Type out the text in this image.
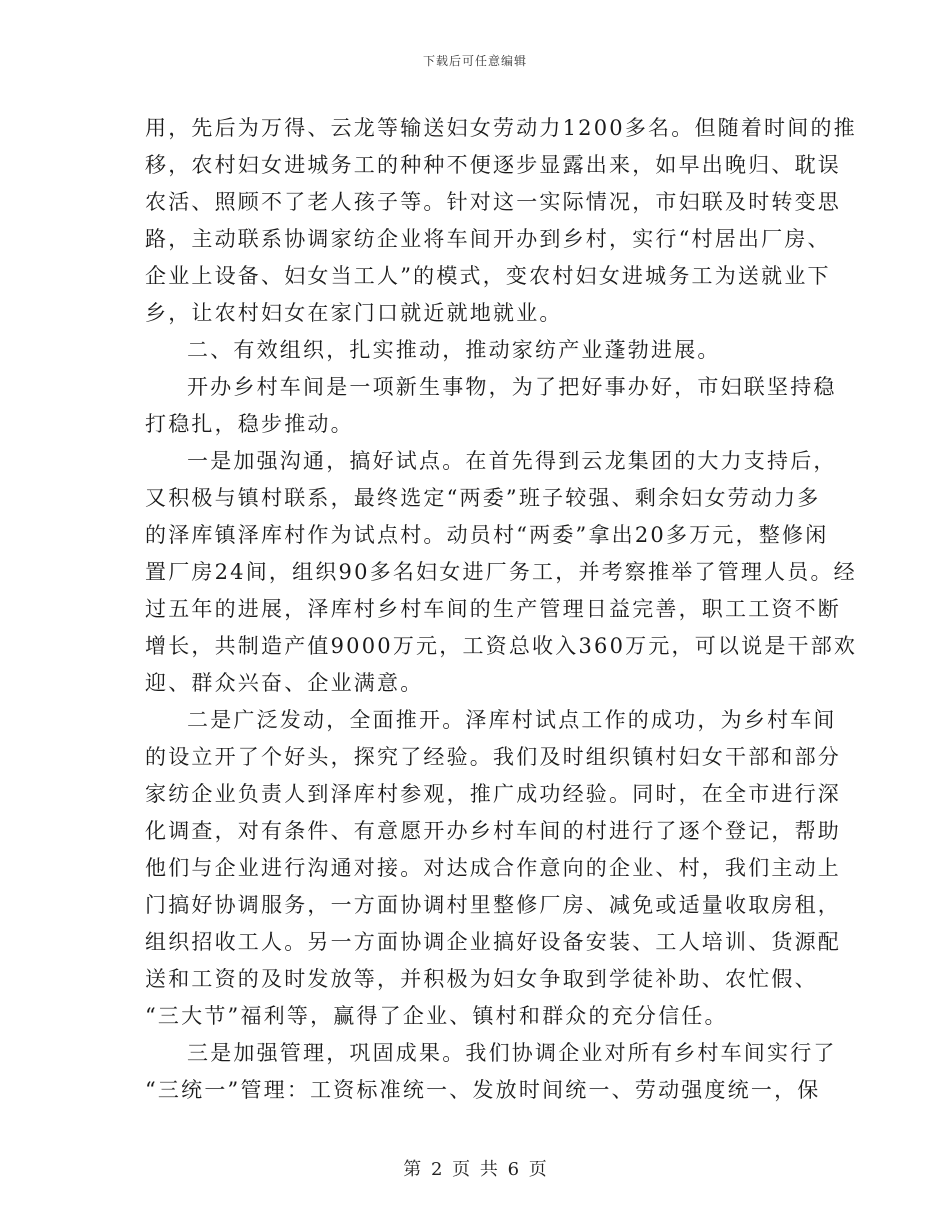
下载后可任意编辑
用，先后为万得、云龙等输送妇女劳动力1200多名。但随着时间的推
移，农村妇女进城务工的种种不便逐步显露出来，如早出晚归、耽误
农活、照顾不了老人孩子等。针对这一实际情况，市妇联及时转变思
路，主动联系协调家纺企业将车间开办到乡村，实行“村居出厂房、
企业上设备、妇女当工人”的模式，变农村妇女进城务工为送就业下
乡，让农村妇女在家门口就近就地就业。
二、有效组织，扎实推动，推动家纺产业蓬勃进展。
开办乡村车间是一项新生事物，为了把好事办好，市妇联坚持稳
打稳扎，稳步推动。
一是加强沟通，搞好试点。在首先得到云龙集团的大力支持后，
又积极与镇村联系，最终选定“两委”班子较强、剩余妇女劳动力多
的泽库镇泽库村作为试点村。动员村“两委”拿出20多万元，整修闲
置厂房24间，组织90多名妇女进厂务工，并考察推举了管理人员。经
过五年的进展，泽库村乡村车间的生产管理日益完善，职工工资不断
增长，共制造产值9000万元，工资总收入360万元，可以说是干部欢
迎、群众兴奋、企业满意。
二是广泛发动，全面推开。泽库村试点工作的成功，为乡村车间
的设立开了个好头，探究了经验。我们及时组织镇村妇女干部和部分
家纺企业负责人到泽库村参观，推广成功经验。同时，在全市进行深
化调查，对有条件、有意愿开办乡村车间的村进行了逐个登记，帮助
他们与企业进行沟通对接。对达成合作意向的企业、村，我们主动上
门搞好协调服务，一方面协调村里整修厂房、减免或适量收取房租，
组织招收工人。另一方面协调企业搞好设备安装、工人培训、货源配
送和工资的及时发放等，并积极为妇女争取到学徒补助、农忙假、
“三大节”福利等，赢得了企业、镇村和群众的充分信任。
三是加强管理，巩固成果。我们协调企业对所有乡村车间实行了
“三统一”管理：工资标准统一、发放时间统一、劳动强度统一，保
第 2 页 共 6 页
